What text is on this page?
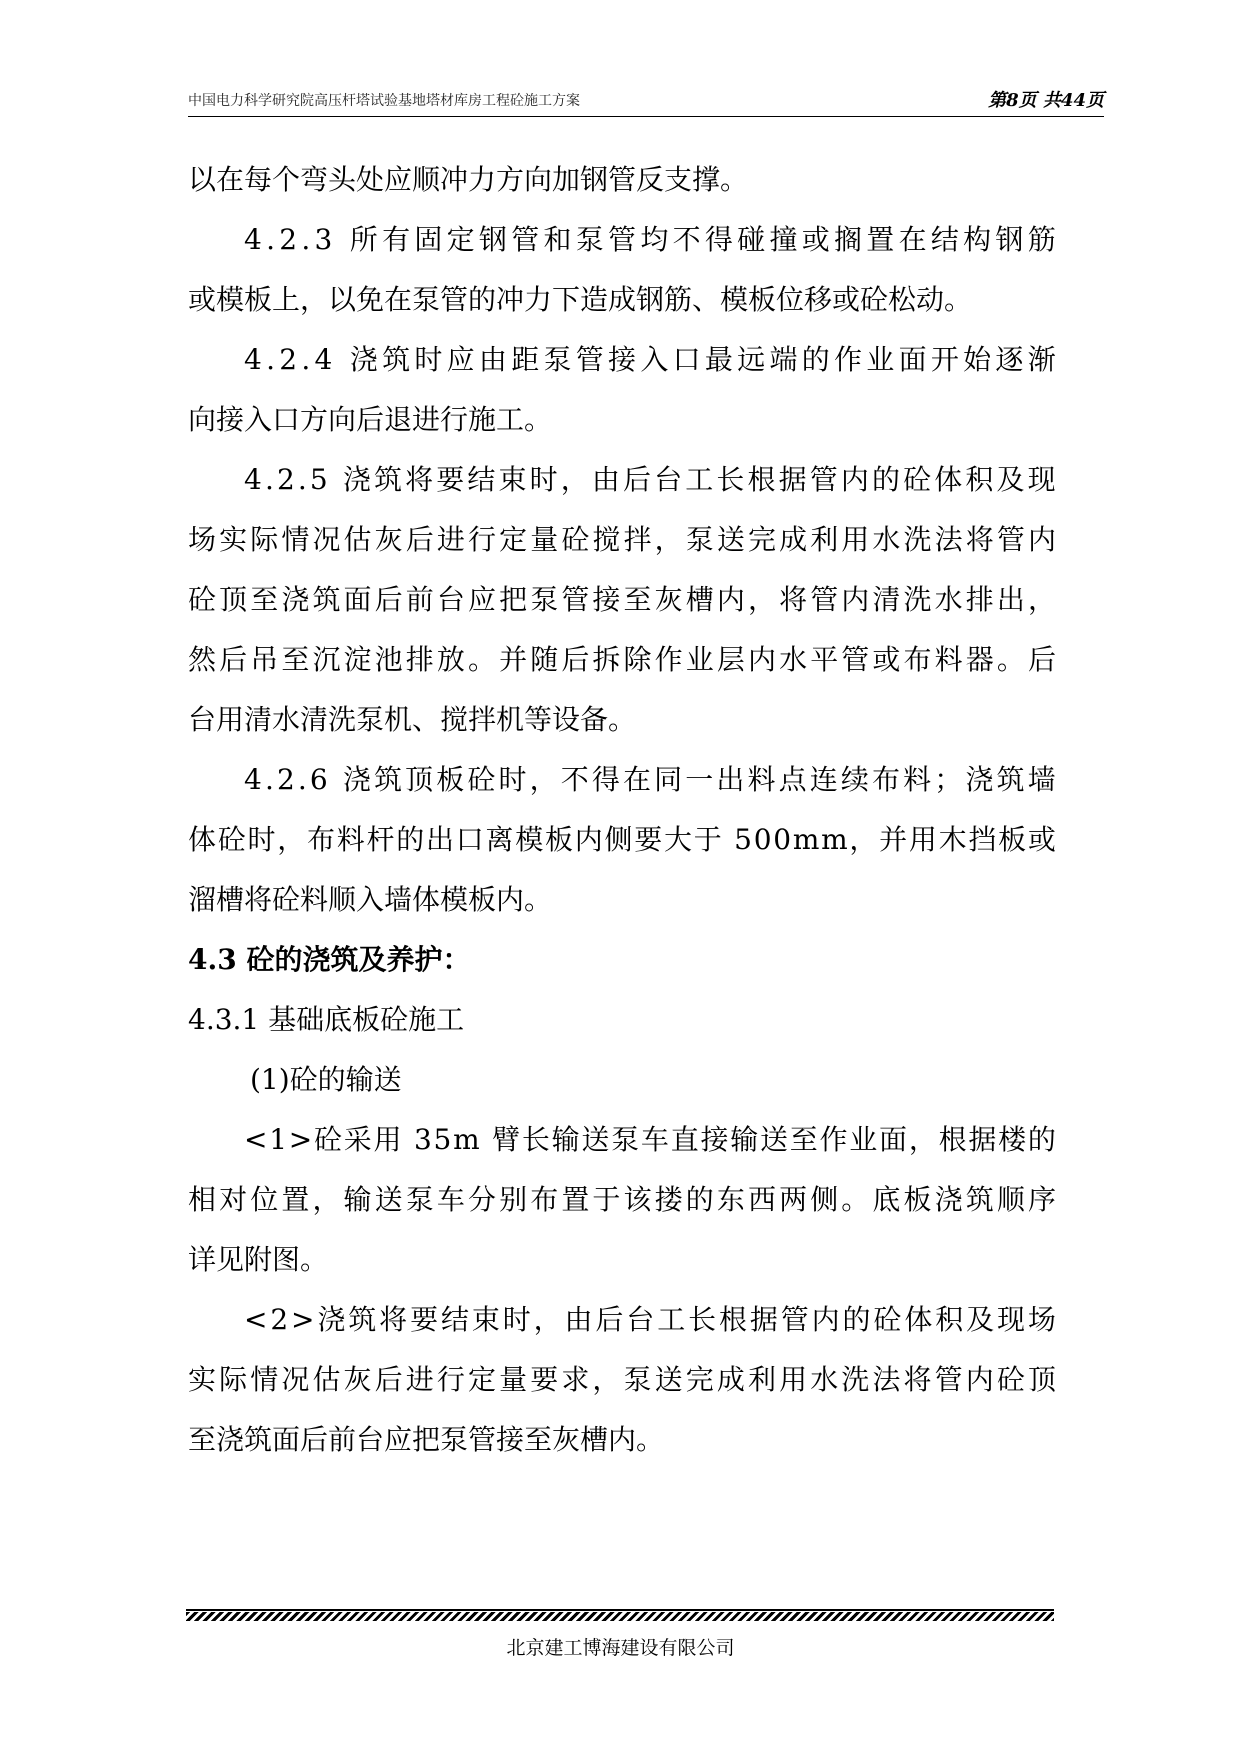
中国电力科学研究院高压杆塔试验基地塔材库房工程砼施工方案	第8页 共44页
以在每个弯头处应顺冲力方向加钢管反支撑。
4 . 2 . 3
所 有 固 定 钢 管 和 泵 管 均 不 得 碰 撞 或 搁 置 在 结 构 钢 筋
或模板上，以免在泵管的冲力下造成钢筋、模板位移或砼松动。
4 . 2 . 4
浇 筑 时 应 由 距 泵 管 接 入 口 最 远 端 的 作 业 面 开 始 逐 渐
向接入口方向后退进行施工。
4 . 2 . 5
浇 筑 将 要 结 束 时 ， 由 后 台 工 长 根 据 管 内 的 砼 体 积 及 现
场 实 际 情 况 估 灰 后 进 行 定 量 砼 搅 拌 ， 泵 送 完 成 利 用 水 洗 法 将 管 内
砼 顶 至 浇 筑 面 后 前 台 应 把 泵 管 接 至 灰 槽 内 ， 将 管 内 清 洗 水 排 出 ，
然 后 吊 至 沉 淀 池 排 放 。 并 随 后 拆 除 作 业 层 内 水 平 管 或 布 料 器 。 后
台用清水清洗泵机、搅拌机等设备。
4 . 2 . 6
浇 筑 顶 板 砼 时 ， 不 得 在 同 一 出 料 点 连 续 布 料 ； 浇 筑 墙
体 砼 时 ， 布 料 杆 的 出 口 离 模 板 内 侧 要 大 于
5 0 0 m m ， 并 用 木 挡 板 或
溜槽将砼料顺入墙体模板内。
4.3 砼的浇筑及养护：
4.3.1 基础底板砼施工
(1)砼的输送
< 1 > 砼 采 用
3 5 m
臂 长 输 送 泵 车 直 接 输 送 至 作 业 面 ， 根 据 楼 的
相 对 位 置 ， 输 送 泵 车 分 别 布 置 于 该 搂 的 东 西 两 侧 。 底 板 浇 筑 顺 序
详见附图。
< 2 > 浇 筑 将 要 结 束 时 ， 由 后 台 工 长 根 据 管 内 的 砼 体 积 及 现 场
实 际 情 况 估 灰 后 进 行 定 量 要 求 ， 泵 送 完 成 利 用 水 洗 法 将 管 内 砼 顶
至浇筑面后前台应把泵管接至灰槽内。
北京建工博海建设有限公司
